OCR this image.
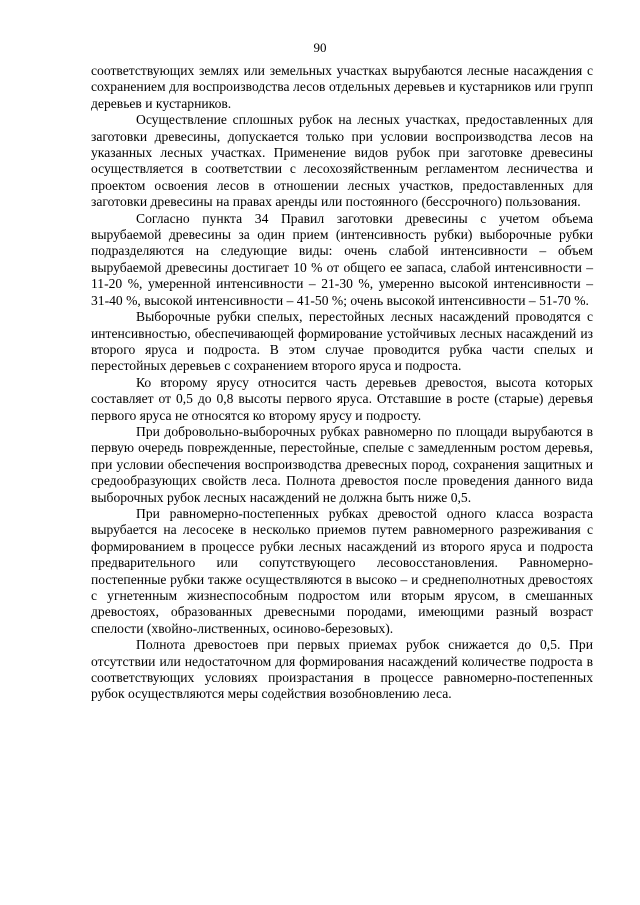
90

соответствующих землях или земельных участках вырубаются лесные насаждения с сохранением для воспроизводства лесов отдельных деревьев и кустарников или групп деревьев и кустарников.

Осуществление сплошных рубок на лесных участках, предоставленных для заготовки древесины, допускается только при условии воспроизводства лесов на указанных лесных участках. Применение видов рубок при заготовке древесины осуществляется в соответствии с лесохозяйственным регламентом лесничества и проектом освоения лесов в отношении лесных участков, предоставленных для заготовки древесины на правах аренды или постоянного (бессрочного) пользования.

Согласно пункта 34 Правил заготовки древесины с учетом объема вырубаемой древесины за один прием (интенсивность рубки) выборочные рубки подразделяются на следующие виды: очень слабой интенсивности – объем вырубаемой древесины достигает 10 % от общего ее запаса, слабой интенсивности – 11-20 %, умеренной интенсивности – 21-30 %, умеренно высокой интенсивности – 31-40 %, высокой интенсивности – 41-50 %; очень высокой интенсивности – 51-70 %.

Выборочные рубки спелых, перестойных лесных насаждений проводятся с интенсивностью, обеспечивающей формирование устойчивых лесных насаждений из второго яруса и подроста. В этом случае проводится рубка части спелых и перестойных деревьев с сохранением второго яруса и подроста.

Ко второму ярусу относится часть деревьев древостоя, высота которых составляет от 0,5 до 0,8 высоты первого яруса. Отставшие в росте (старые) деревья первого яруса не относятся ко второму ярусу и подросту.

При добровольно-выборочных рубках равномерно по площади вырубаются в первую очередь поврежденные, перестойные, спелые с замедленным ростом деревья, при условии обеспечения воспроизводства древесных пород, сохранения защитных и средообразующих свойств леса. Полнота древостоя после проведения данного вида выборочных рубок лесных насаждений не должна быть ниже 0,5.

При равномерно-постепенных рубках древостой одного класса возраста вырубается на лесосеке в несколько приемов путем равномерного разреживания с формированием в процессе рубки лесных насаждений из второго яруса и подроста предварительного или сопутствующего лесовосстановления. Равномерно-постепенные рубки также осуществляются в высоко – и среднеполнотных древостоях с угнетенным жизнеспособным подростом или вторым ярусом, в смешанных древостоях, образованных древесными породами, имеющими разный возраст спелости (хвойно-лиственных, осиново-березовых).

Полнота древостоев при первых приемах рубок снижается до 0,5. При отсутствии или недостаточном для формирования насаждений количестве подроста в соответствующих условиях произрастания в процессе равномерно-постепенных рубок осуществляются меры содействия возобновлению леса.
